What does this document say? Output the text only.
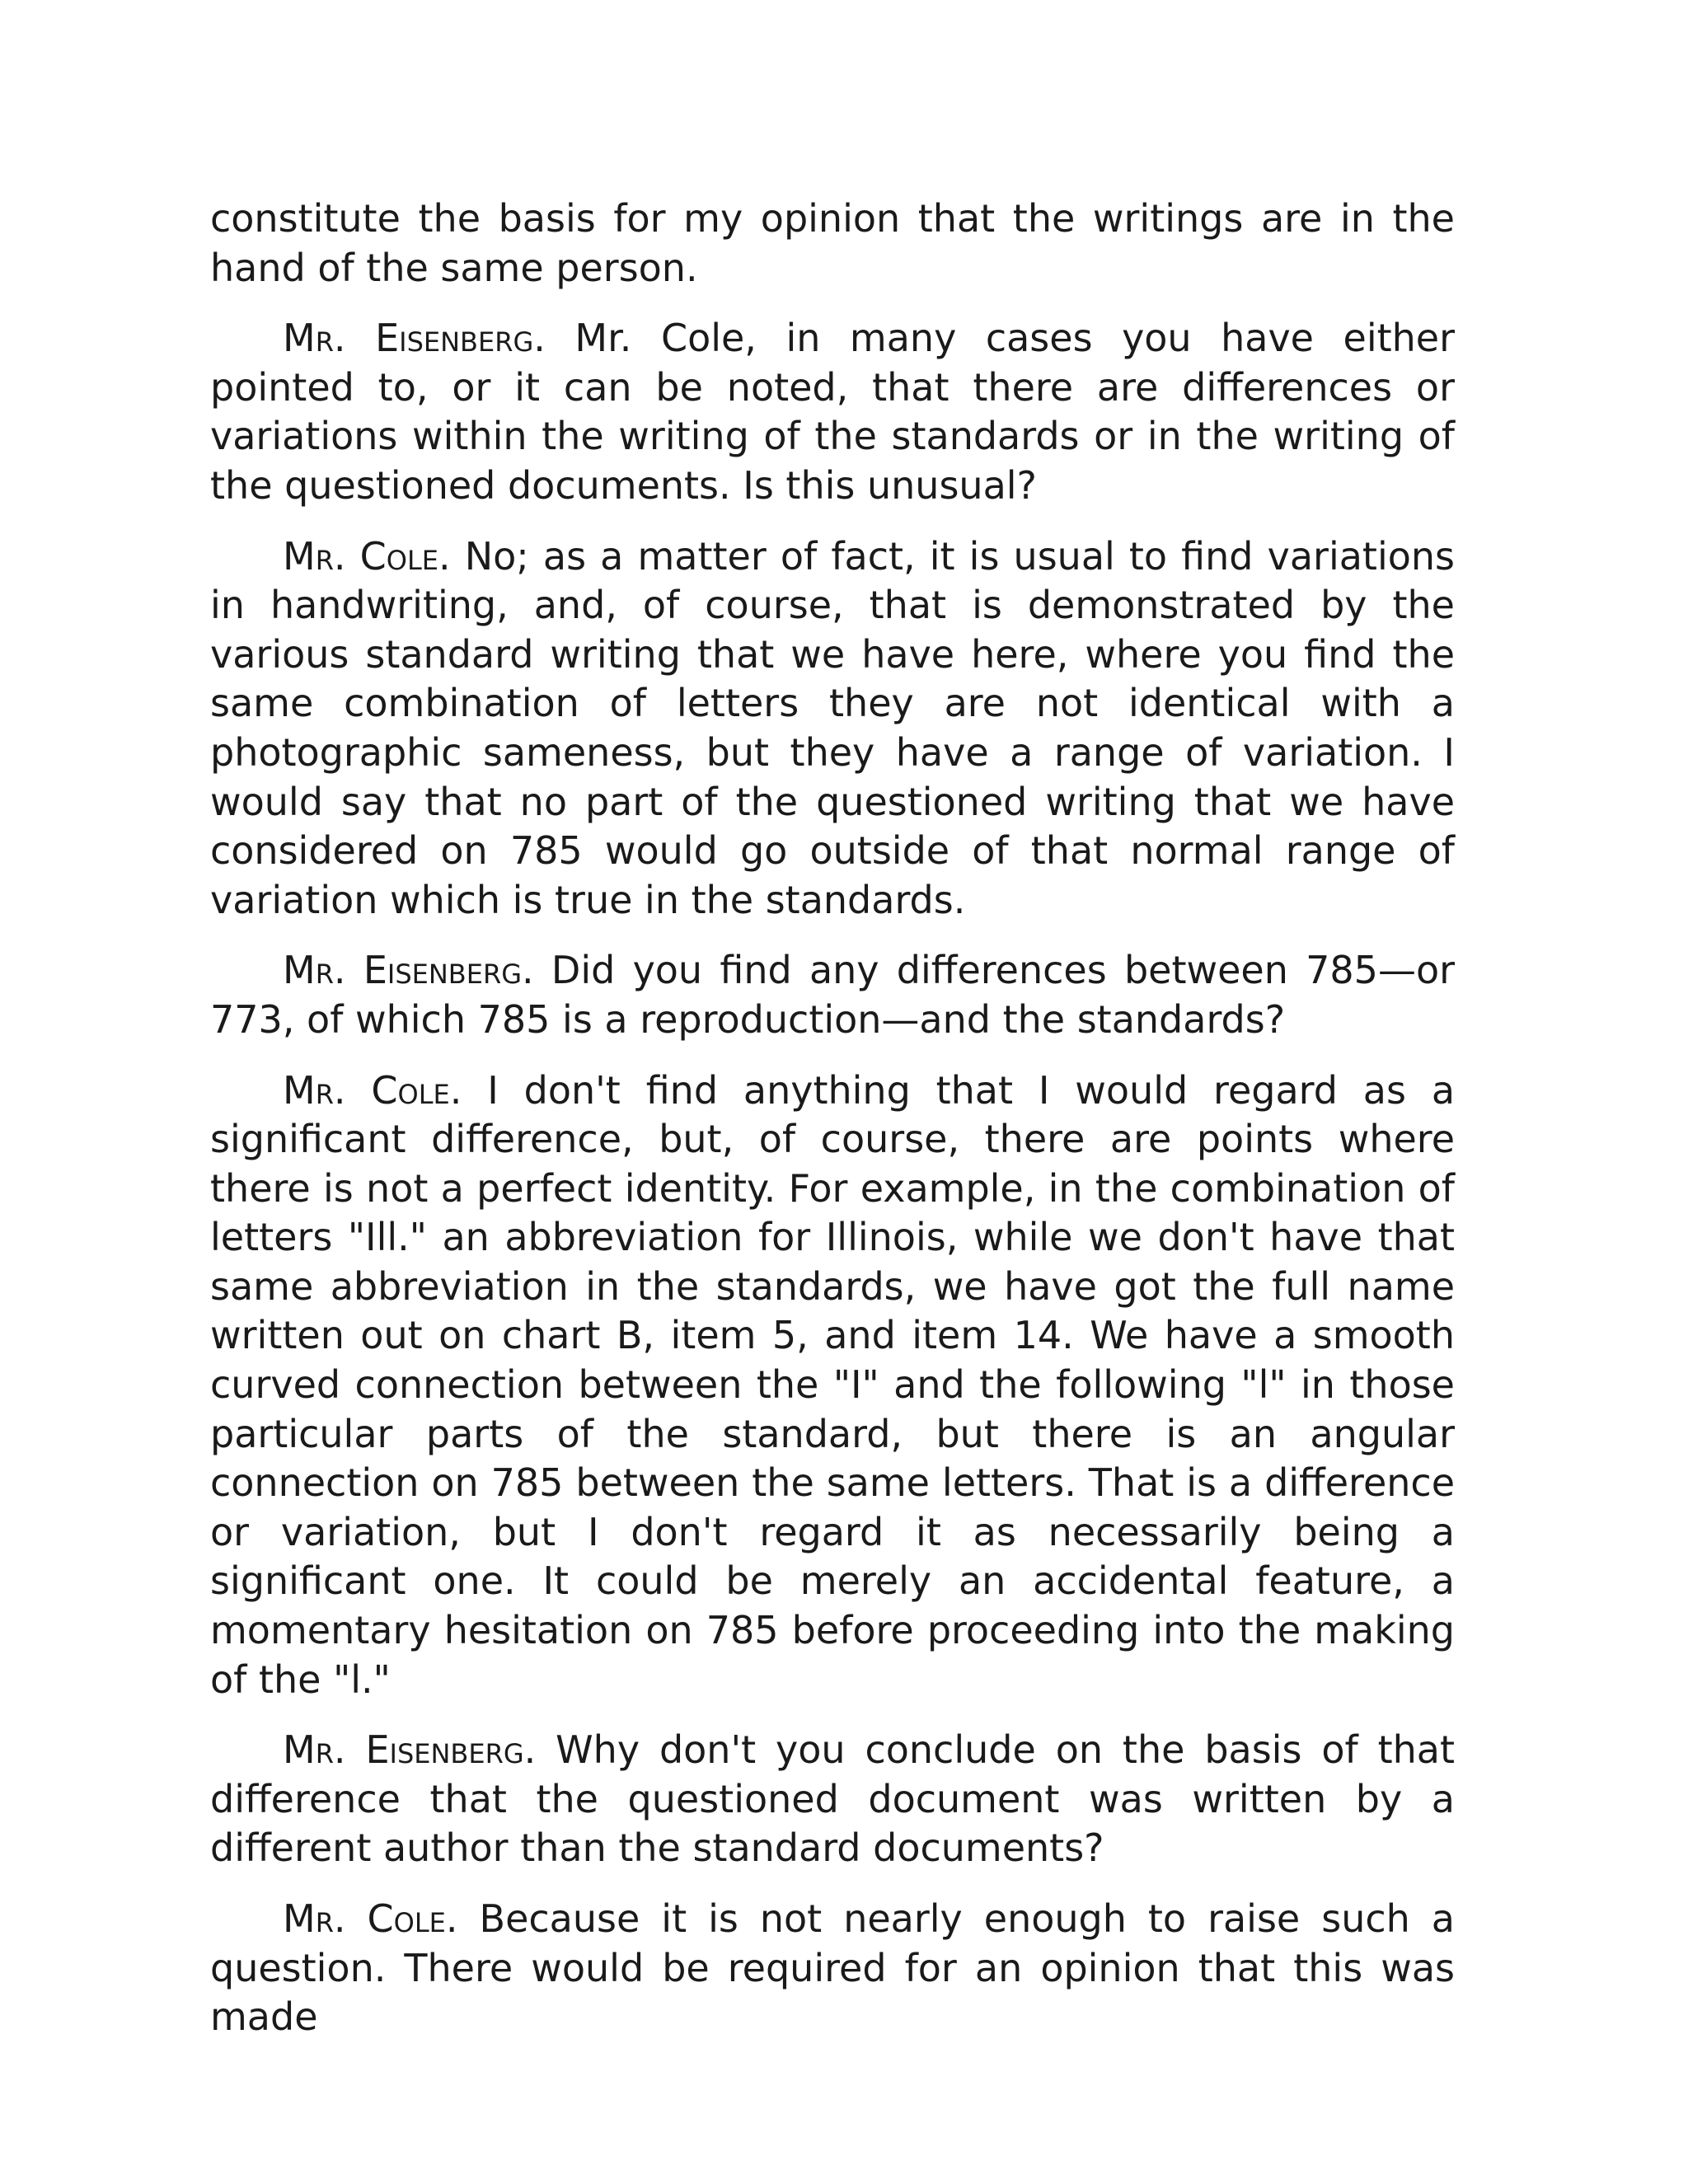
constitute the basis for my opinion that the writings are in the hand of the same person.

Mr. Eisenberg. Mr. Cole, in many cases you have either pointed to, or it can be noted, that there are differences or variations within the writing of the standards or in the writing of the questioned documents. Is this unusual?

Mr. Cole. No; as a matter of fact, it is usual to find variations in handwriting, and, of course, that is demonstrated by the various standard writing that we have here, where you find the same combination of letters they are not identical with a photographic sameness, but they have a range of variation. I would say that no part of the questioned writing that we have considered on 785 would go outside of that normal range of variation which is true in the standards.

Mr. Eisenberg. Did you find any differences between 785—or 773, of which 785 is a reproduction—and the standards?

Mr. Cole. I don't find anything that I would regard as a significant difference, but, of course, there are points where there is not a perfect identity. For example, in the combination of letters "Ill." an abbreviation for Illinois, while we don't have that same abbreviation in the standards, we have got the full name written out on chart B, item 5, and item 14. We have a smooth curved connection between the "I" and the following "l" in those particular parts of the standard, but there is an angular connection on 785 between the same letters. That is a difference or variation, but I don't regard it as necessarily being a significant one. It could be merely an accidental feature, a momentary hesitation on 785 before proceeding into the making of the "l."

Mr. Eisenberg. Why don't you conclude on the basis of that difference that the questioned document was written by a different author than the standard documents?

Mr. Cole. Because it is not nearly enough to raise such a question. There would be required for an opinion that this was made
